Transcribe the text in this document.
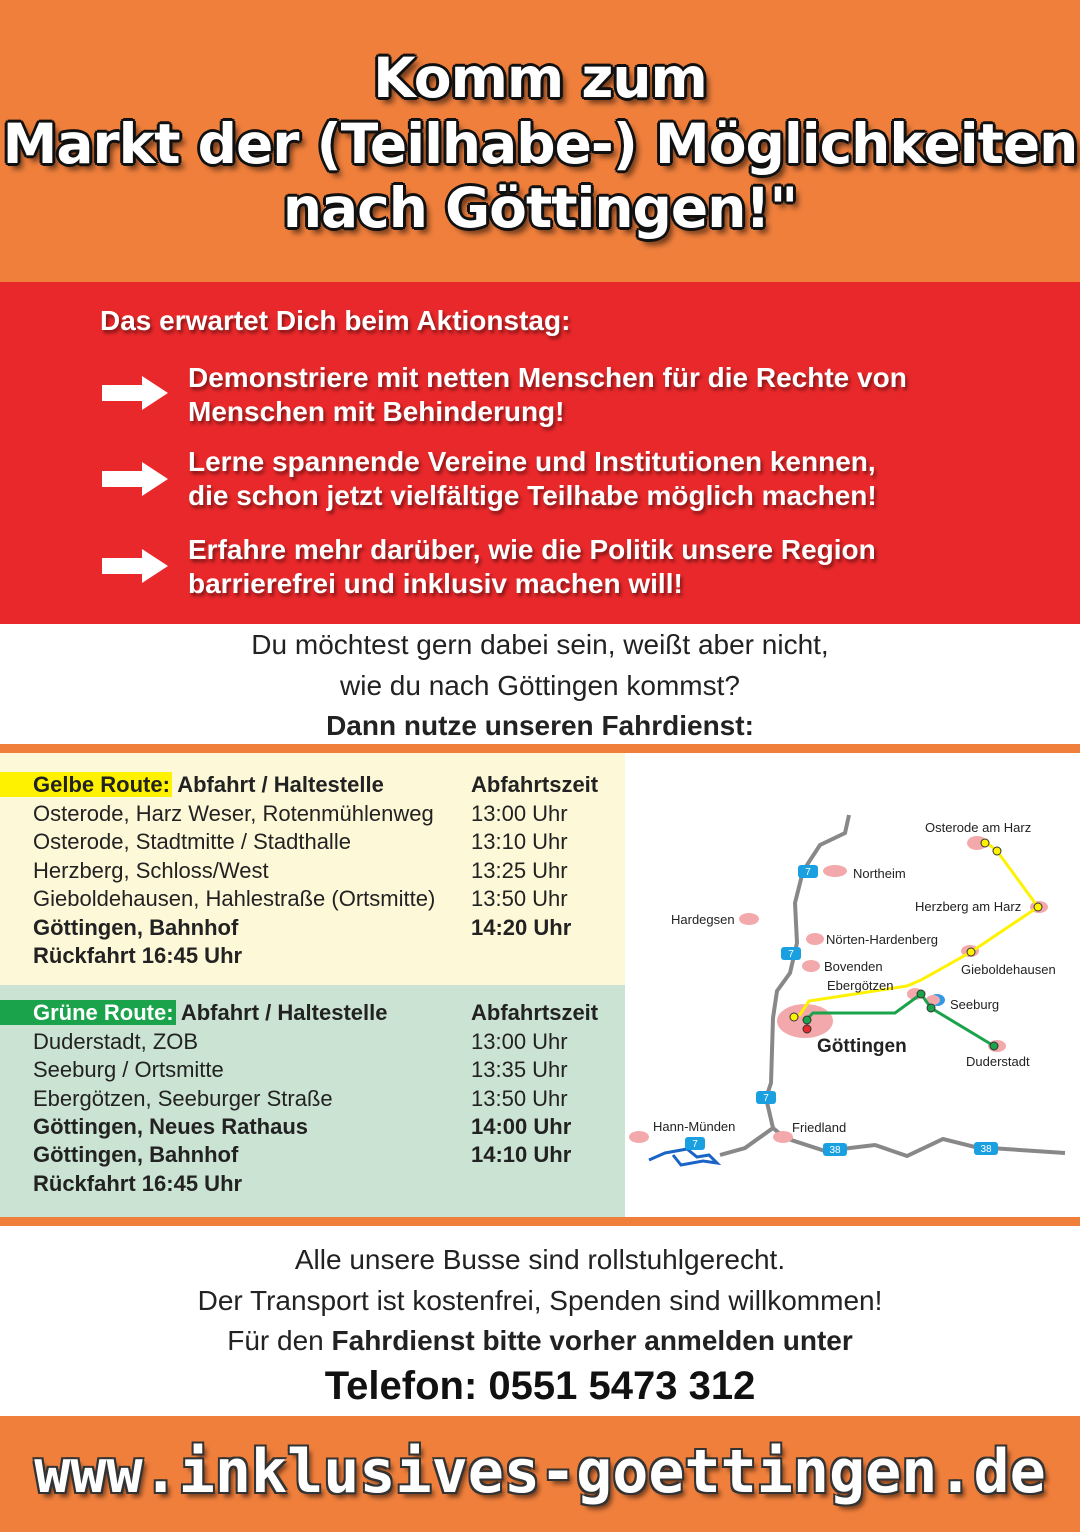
Komm zum
Markt der (Teilhabe-) Möglichkeiten
nach Göttingen!"
Das erwartet Dich beim Aktionstag:
Demonstriere mit netten Menschen für die Rechte von
Menschen mit Behinderung!
Lerne spannende Vereine und Institutionen kennen,
die schon jetzt vielfältige Teilhabe möglich machen!
Erfahre mehr darüber, wie die Politik unsere Region
barrierefrei und inklusiv machen will!
Du möchtest gern dabei sein, weißt aber nicht,
wie du nach Göttingen kommst?
Dann nutze unseren Fahrdienst:
Gelbe Route: Abfahrt / Haltestelle	Abfahrtszeit
Osterode, Harz Weser, Rotenmühlenweg 13:00 Uhr
Osterode, Stadtmitte / Stadthalle	13:10 Uhr
Herzberg, Schloss/West	13:25 Uhr
Gieboldehausen, Hahlestraße (Ortsmitte) 13:50 Uhr
Göttingen, Bahnhof	14:20 Uhr
Rückfahrt 16:45 Uhr
Grüne Route: Abfahrt / Haltestelle	Abfahrtszeit
Duderstadt, ZOB	13:00 Uhr
Seeburg / Ortsmitte	13:35 Uhr
Ebergötzen, Seeburger Straße	13:50 Uhr
Göttingen, Neues Rathaus	14:00 Uhr
Göttingen, Bahnhof	14:10 Uhr
Rückfahrt 16:45 Uhr
7
7
7
7
38	38
Osterode am Harz
Northeim
Herzberg am Harz
Hardegsen
Nörten-Hardenberg
Gieboldehausen
Bovenden
Ebergötzen
Seeburg
Göttingen
Duderstadt
Hann-Münden	Friedland
Alle unsere Busse sind rollstuhlgerecht.
Der Transport ist kostenfrei, Spenden sind willkommen!
Für den Fahrdienst bitte vorher anmelden unter
Telefon: 0551 5473 312
www.inklusives-goettingen.de
